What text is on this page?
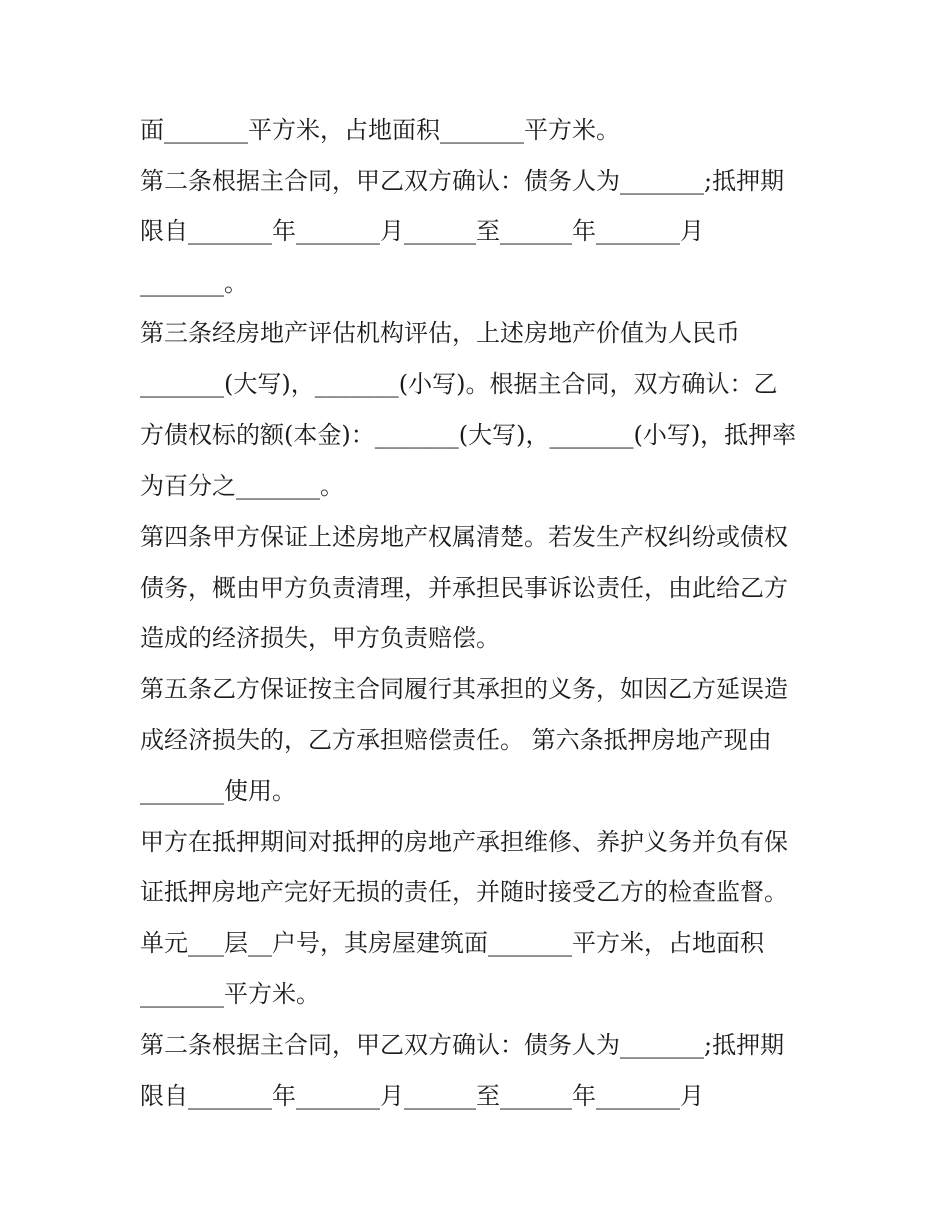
面_______平方米，占地面积_______平方米。
第二条根据主合同，甲乙双方确认：债务人为_______;抵押期
限自_______年_______月______至______年_______月
_______。
第三条经房地产评估机构评估，上述房地产价值为人民币
_______(大写)，_______(小写)。根据主合同，双方确认：乙
方债权标的额(本金)：_______(大写)，_______(小写)，抵押率
为百分之_______。
第四条甲方保证上述房地产权属清楚。若发生产权纠纷或债权
债务，概由甲方负责清理，并承担民事诉讼责任，由此给乙方
造成的经济损失，甲方负责赔偿。
第五条乙方保证按主合同履行其承担的义务，如因乙方延误造
成经济损失的，乙方承担赔偿责任。 第六条抵押房地产现由
_______使用。
甲方在抵押期间对抵押的房地产承担维修、养护义务并负有保
证抵押房地产完好无损的责任，并随时接受乙方的检查监督。
单元___层__户号，其房屋建筑面_______平方米，占地面积
_______平方米。
第二条根据主合同，甲乙双方确认：债务人为_______;抵押期
限自_______年_______月______至______年_______月
